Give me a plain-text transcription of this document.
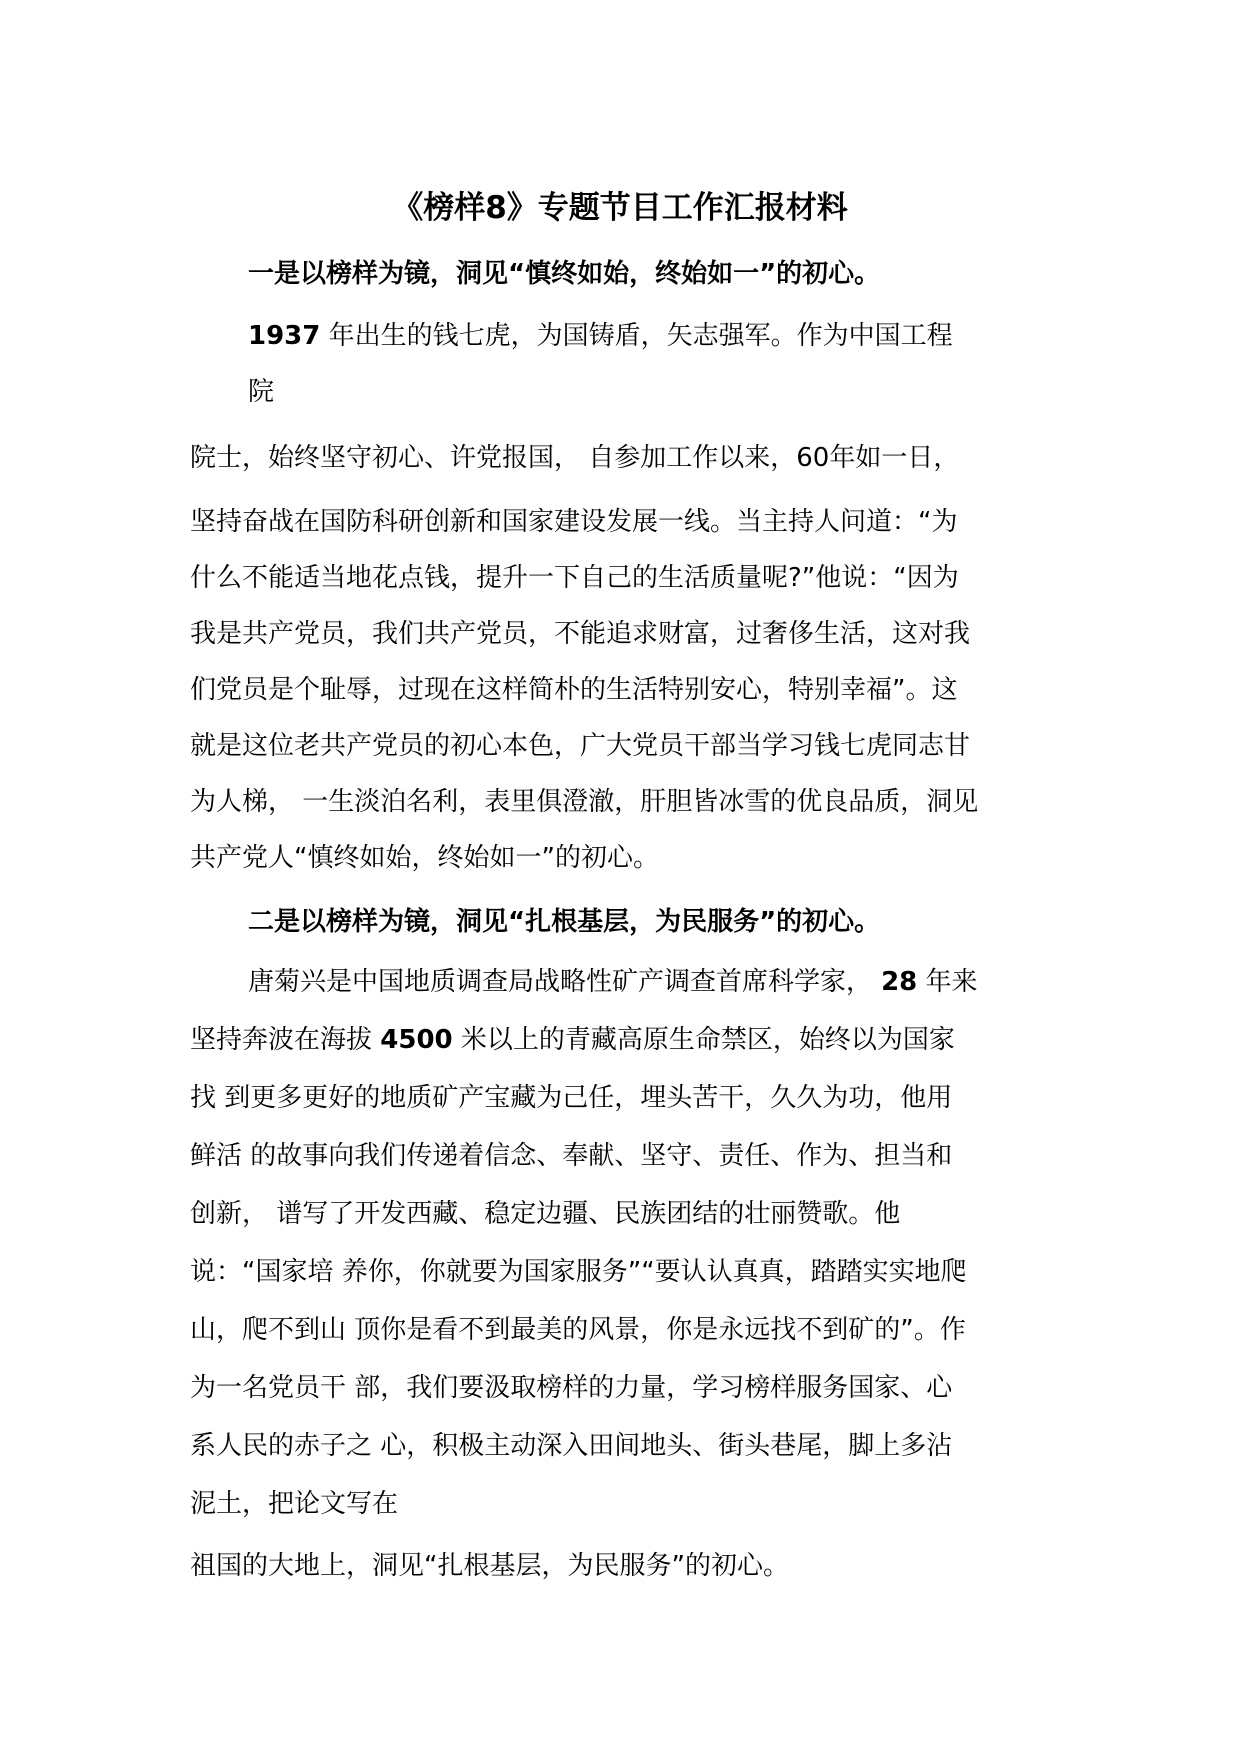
《榜样8》专题节目工作汇报材料
一是以榜样为镜，洞见“慎终如始，终始如一”的初心。
1937 年出生的钱七虎，为国铸盾，矢志强军。作为中国工程
院
院士，始终坚守初心、许党报国， 自参加工作以来，60年如一日，
坚持奋战在国防科研创新和国家建设发展一线。当主持人问道：“为
什么不能适当地花点钱，提升一下自己的生活质量呢?”他说：“因为
我是共产党员，我们共产党员，不能追求财富，过奢侈生活，这对我
们党员是个耻辱，过现在这样简朴的生活特别安心，特别幸福”。这
就是这位老共产党员的初心本色，广大党员干部当学习钱七虎同志甘
为人梯， 一生淡泊名利，表里俱澄澈，肝胆皆冰雪的优良品质，洞见
共产党人“慎终如始，终始如一”的初心。
二是以榜样为镜，洞见“扎根基层，为民服务”的初心。
唐菊兴是中国地质调查局战略性矿产调查首席科学家， 28 年来
坚持奔波在海拔 4500 米以上的青藏高原生命禁区，始终以为国家
找 到更多更好的地质矿产宝藏为己任，埋头苦干，久久为功，他用
鲜活 的故事向我们传递着信念、奉献、坚守、责任、作为、担当和
创新， 谱写了开发西藏、稳定边疆、民族团结的壮丽赞歌。他
说：“国家培 养你，你就要为国家服务”“要认认真真，踏踏实实地爬
山，爬不到山 顶你是看不到最美的风景，你是永远找不到矿的”。作
为一名党员干 部，我们要汲取榜样的力量，学习榜样服务国家、心
系人民的赤子之 心，积极主动深入田间地头、街头巷尾，脚上多沾
泥土，把论文写在
祖国的大地上，洞见“扎根基层，为民服务”的初心。
